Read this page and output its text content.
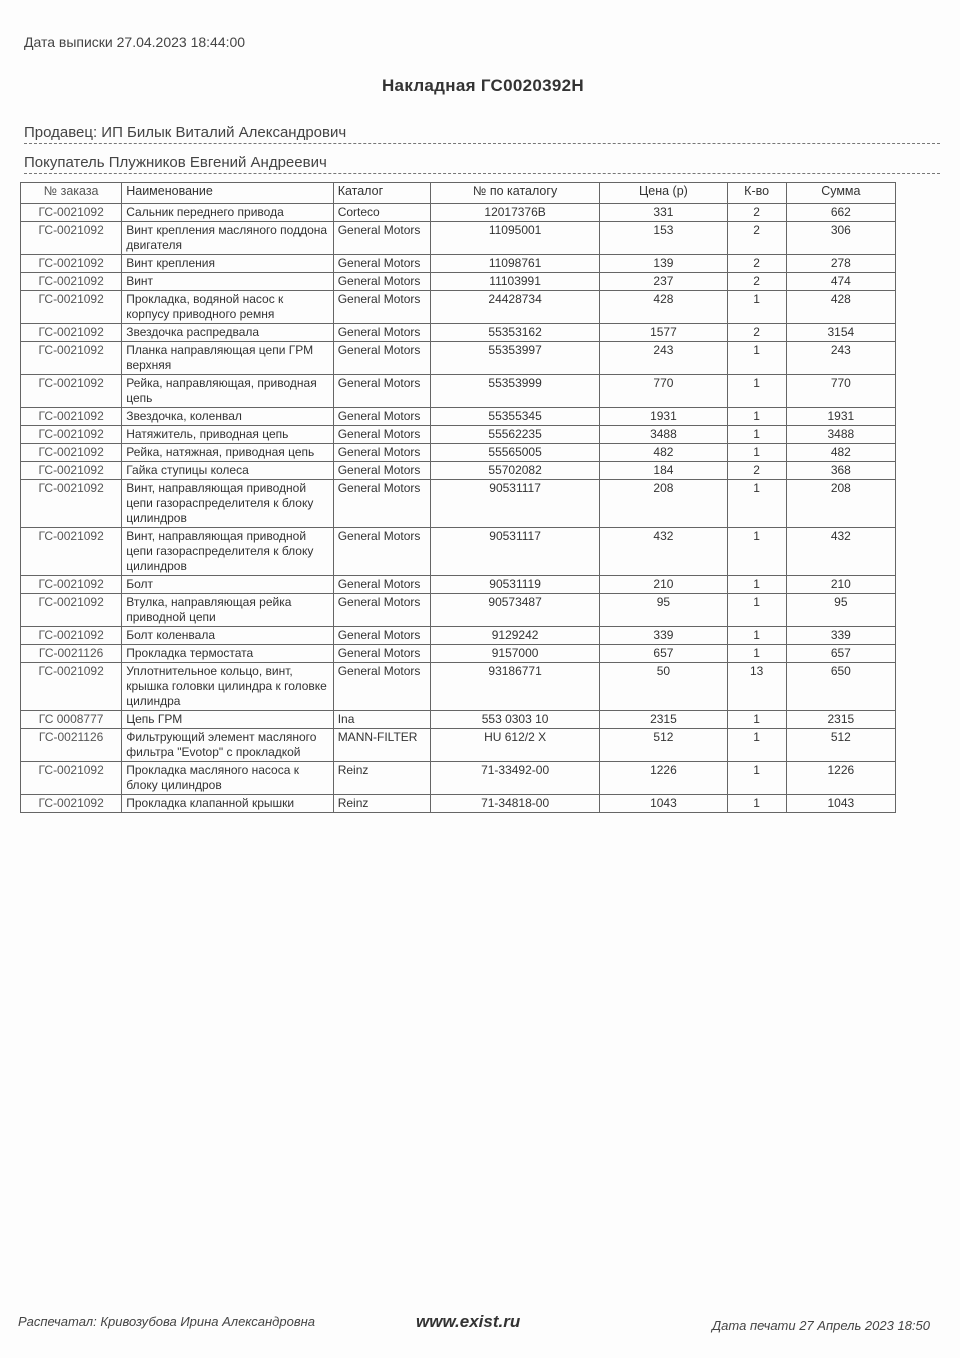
Дата выписки 27.04.2023 18:44:00
Накладная ГС0020392Н
Продавец: ИП Билык Виталий Александрович
Покупатель Плужников Евгений Андреевич
№ заказа	Наименование	Каталог	№ по каталогу	Цена (р)	К-во	Сумма
ГС-0021092	Сальник переднего привода	Corteco	12017376B	331	2	662
ГС-0021092	Винт крепления масляного поддона двигателя	General Motors	11095001	153	2	306
ГС-0021092	Винт крепления	General Motors	11098761	139	2	278
ГС-0021092	Винт	General Motors	11103991	237	2	474
ГС-0021092	Прокладка, водяной насос к корпусу приводного ремня	General Motors	24428734	428	1	428
ГС-0021092	Звездочка распредвала	General Motors	55353162	1577	2	3154
ГС-0021092	Планка направляющая цепи ГРМ верхняя	General Motors	55353997	243	1	243
ГС-0021092	Рейка, направляющая, приводная цепь	General Motors	55353999	770	1	770
ГС-0021092	Звездочка, коленвал	General Motors	55355345	1931	1	1931
ГС-0021092	Натяжитель, приводная цепь	General Motors	55562235	3488	1	3488
ГС-0021092	Рейка, натяжная, приводная цепь	General Motors	55565005	482	1	482
ГС-0021092	Гайка ступицы колеса	General Motors	55702082	184	2	368
ГС-0021092	Винт, направляющая приводной цепи газораспределителя к блоку цилиндров	General Motors	90531117	208	1	208
ГС-0021092	Винт, направляющая приводной цепи газораспределителя к блоку цилиндров	General Motors	90531117	432	1	432
ГС-0021092	Болт	General Motors	90531119	210	1	210
ГС-0021092	Втулка, направляющая рейка приводной цепи	General Motors	90573487	95	1	95
ГС-0021092	Болт коленвала	General Motors	9129242	339	1	339
ГС-0021126	Прокладка термостата	General Motors	9157000	657	1	657
ГС-0021092	Уплотнительное кольцо, винт, крышка головки цилиндра к головке цилиндра	General Motors	93186771	50	13	650
ГС 0008777	Цепь ГРМ	Ina	553 0303 10	2315	1	2315
ГС-0021126	Фильтрующий элемент масляного фильтра "Evotop" с прокладкой	MANN-FILTER	HU 612/2 X	512	1	512
ГС-0021092	Прокладка масляного насоса к блоку цилиндров	Reinz	71-33492-00	1226	1	1226
ГС-0021092	Прокладка клапанной крышки	Reinz	71-34818-00	1043	1	1043
Распечатал: Кривозубова Ирина Александровна	www.exist.ru	Дата печати 27 Апрель 2023 18:50
